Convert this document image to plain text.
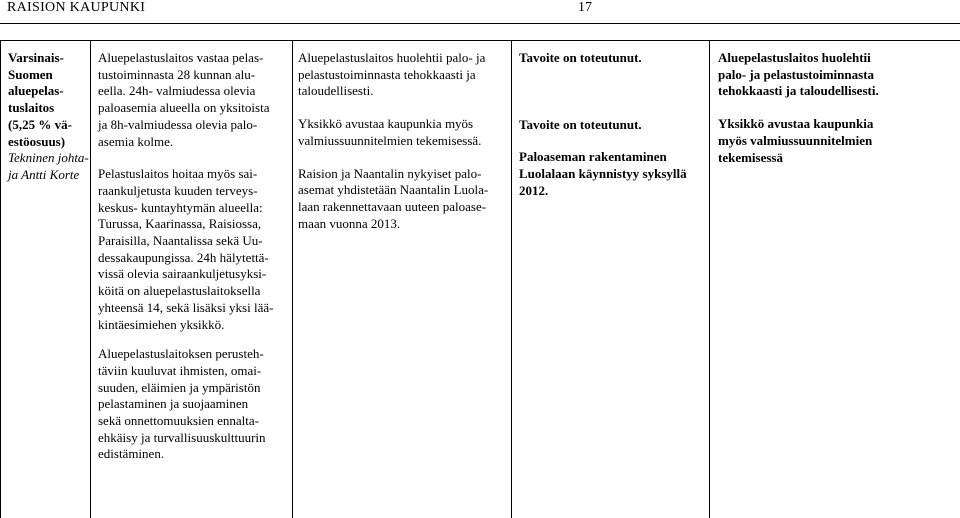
RAISION KAUPUNKI	17

Varsinais-
Suomen
aluepelas-
tuslaitos
(5,25 % vä-
estöosuus)

Tekninen johta-
ja Antti Korte

Aluepelastuslaitos vastaa pelas-
tustoiminnasta 28 kunnan alu-
eella. 24h- valmiudessa olevia
paloasemia alueella on yksitoista
ja 8h-valmiudessa olevia palo-
asemia kolme.

Pelastuslaitos hoitaa myös sai-
raankuljetusta kuuden terveys-
keskus- kuntayhtymän alueella:
Turussa, Kaarinassa, Raisiossa,
Paraisilla, Naantalissa sekä Uu-
dessakaupungissa. 24h hälytettä-
vissä olevia sairaankuljetusyksi-
köitä on aluepelastuslaitoksella
yhteensä 14, sekä lisäksi yksi lää-
kintäesimiehen yksikkö.

Aluepelastuslaitoksen perusteh-
täviin kuuluvat ihmisten, omai-
suuden, eläimien ja ympäristön
pelastaminen ja suojaaminen
sekä onnettomuuksien ennalta-
ehkäisy ja turvallisuuskulttuurin
edistäminen.

Aluepelastuslaitos huolehtii palo- ja
pelastustoiminnasta tehokkaasti ja
taloudellisesti.

Yksikkö avustaa kaupunkia myös
valmiussuunnitelmien tekemisessä.

Raision ja Naantalin nykyiset palo-
asemat yhdistetään Naantalin Luola-
laan rakennettavaan uuteen paloase-
maan vuonna 2013.

Tavoite on toteutunut.

Tavoite on toteutunut.

Paloaseman rakentaminen
Luolalaan käynnistyy syksyllä
2012.

Aluepelastuslaitos huolehtii
palo- ja pelastustoiminnasta
tehokkaasti ja taloudellisesti.

Yksikkö avustaa kaupunkia
myös valmiussuunnitelmien
tekemisessä
